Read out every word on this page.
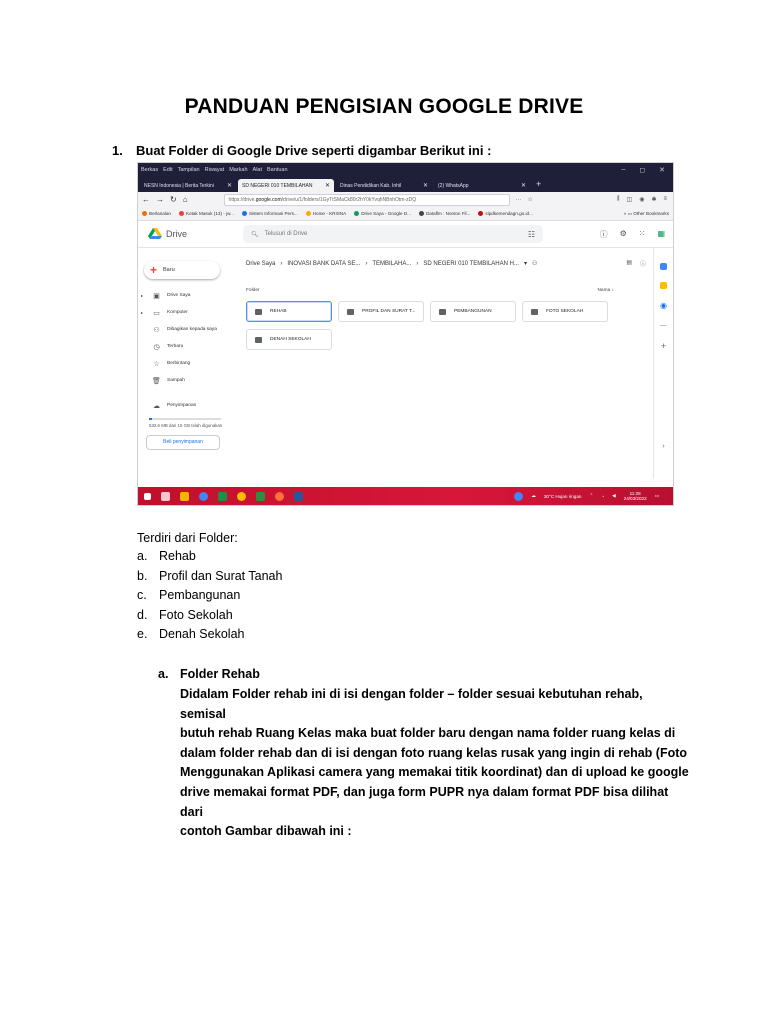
PANDUAN PENGISIAN GOOGLE DRIVE
1. Buat Folder di Google Drive seperti digambar Berikut ini :
Berkas Edit Tampilan Riwayat Markah Alat Bantuan	– ◻ ✕
NESN Indonesia | Berita Terkini ✕ SD NEGERI 010 TEMBILAHAN ✕ Dinas Pendidikan Kab. Inhil	✕ (2) WhatsApp	✕	+
← → ↻ ⌂	https://drive. google.com /drive/u/1/folders/1GyTtSMaCk80r2hY0kYvqhNBnhOtm-zDQ	··· ☆	⫼ ◫ ◉ ✱ ≡
Berlanalan	Kotak Masuk (13) - jw...	Sistem Informasi Pers...	Home - KRISNA	Drive Saya - Google D...	Dataflm : Nonton Fil...	sipdkemendagri.go.id...	» ▭ Other Bookmarks
Drive	🔍︎ Telusuri di Drive	☷	ⓘ ⚙ ⁙ ▦
+ Baru
▸	▣ Drive Saya
▸	▭ Komputer
⚇ Dibagikan kepada saya
◷	Terbaru
☆ Berbintang
🗑 Sampah
☁ Penyimpanan
532,6 MB dari 15 GB telah digunakan
Beli penyimpanan
Drive Saya › INOVASI BANK DATA SE... › TEMBILAHA... › SD NEGERI 010 TEMBILAHAN H... ▾ ⚇	▤ ⓘ
Folder	Nama ↓
REHAB	PROFIL DAN SURAT T...	PEMBANGUNAN	FOTO SEKOLAH
DENAH SEKOLAH
◉
—
+
›
☁ 30°C Hujan ringan ⌃ ◔ ◀	11:28
24/03/2022
▭
Terdiri dari Folder:
a. Rehab
b. Profil dan Surat Tanah
c. Pembangunan
d. Foto Sekolah
e. Denah Sekolah
a. Folder Rehab
Didalam Folder rehab ini di isi dengan folder – folder sesuai kebutuhan rehab, semisal
butuh rehab Ruang Kelas maka buat folder baru dengan nama folder ruang kelas di
dalam folder rehab dan di isi dengan foto ruang kelas rusak yang ingin di rehab (Foto
Menggunakan Aplikasi camera yang memakai titik koordinat) dan di upload ke google
drive memakai format PDF, dan juga form PUPR nya dalam format PDF bisa dilihat dari
contoh Gambar dibawah ini :
